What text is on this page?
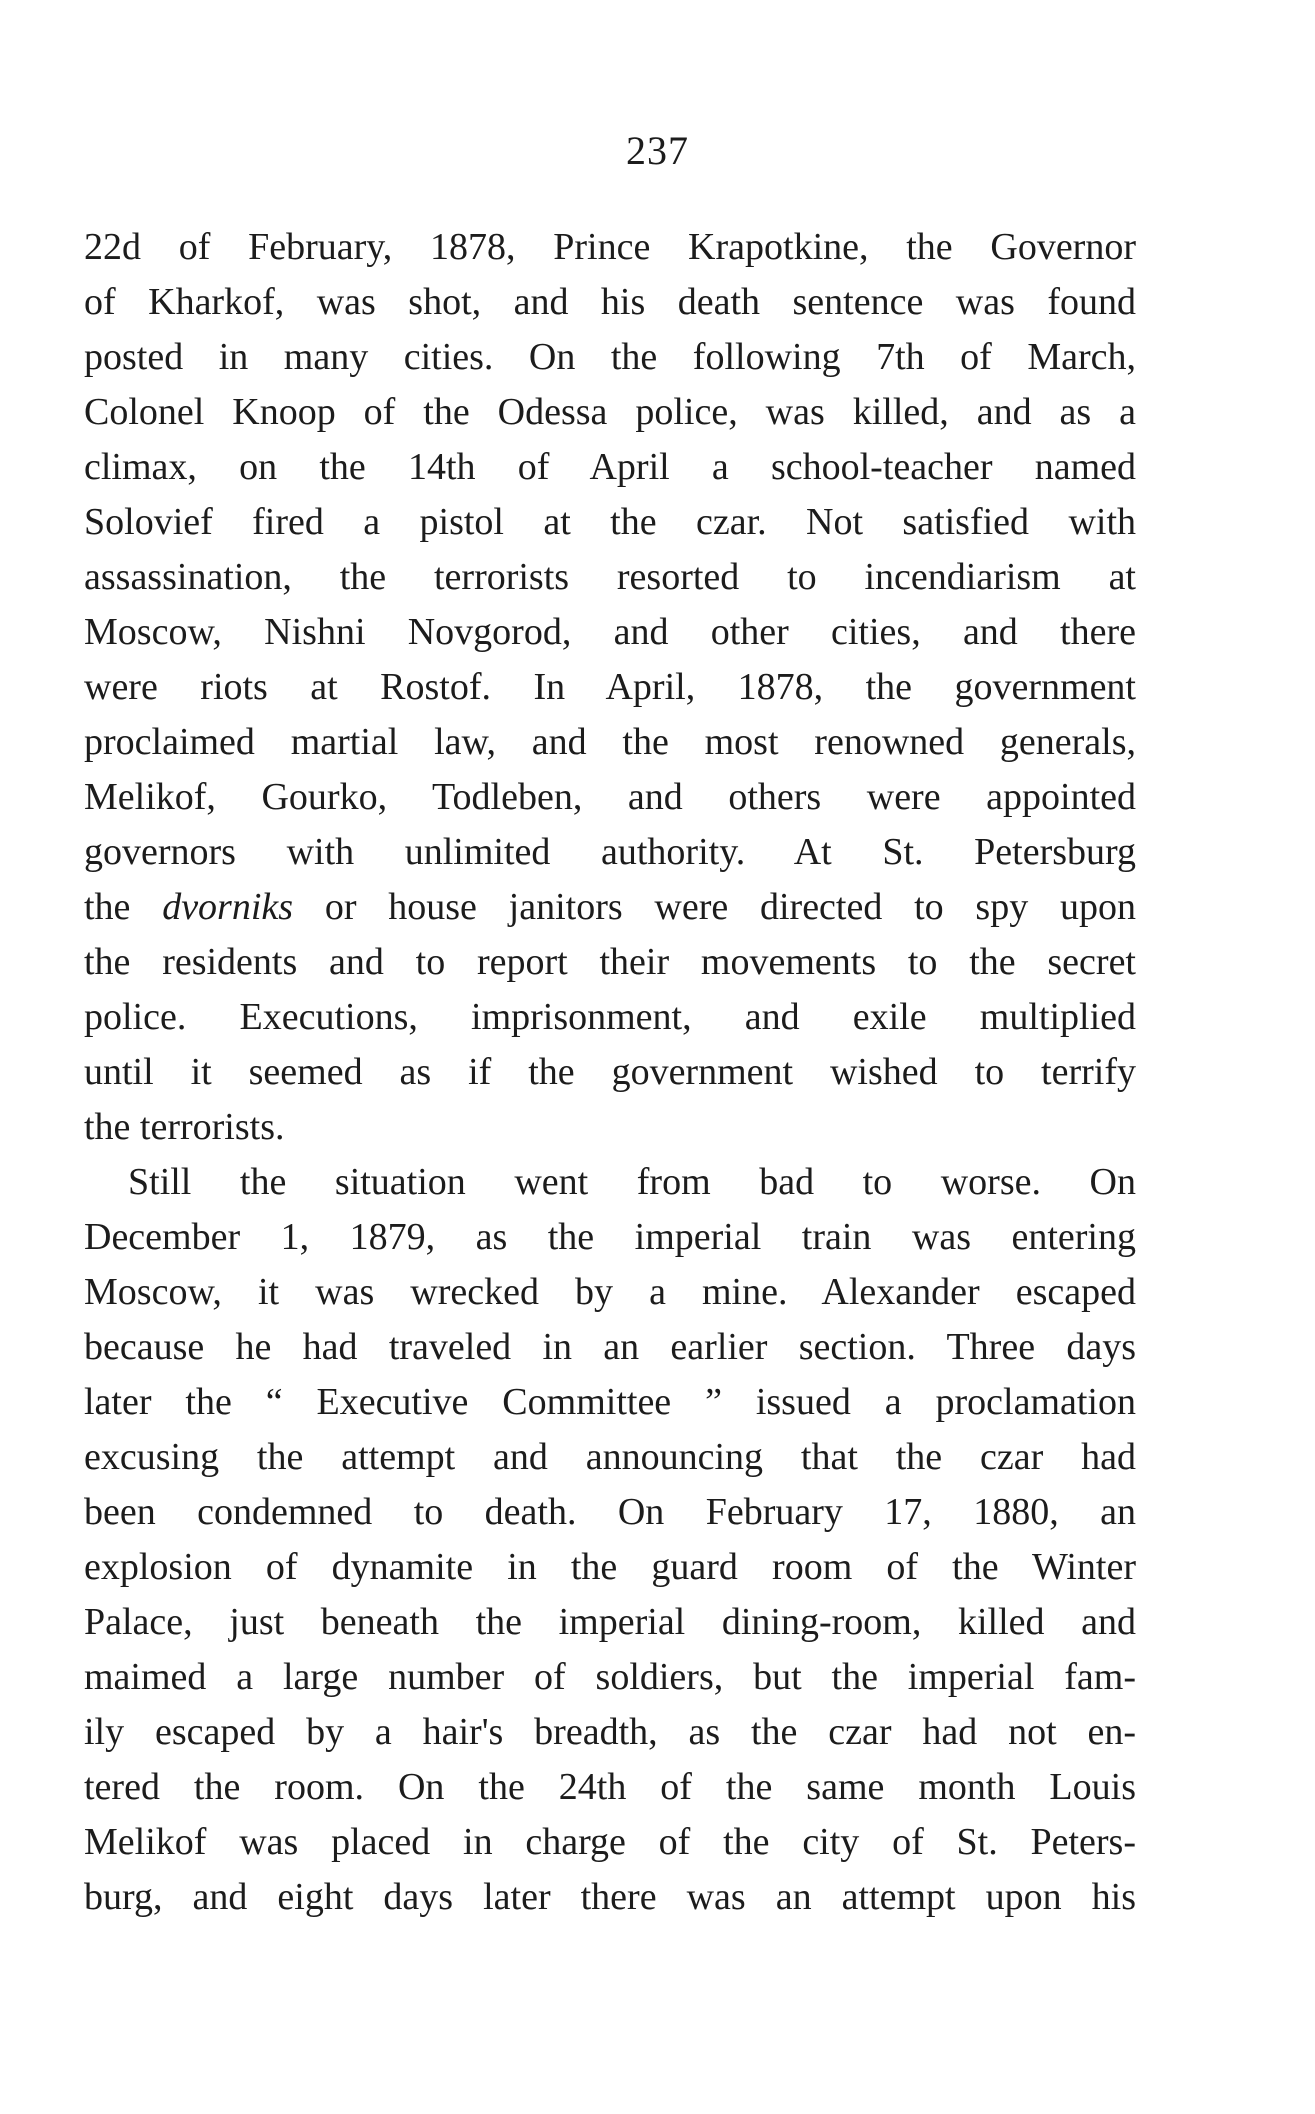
237
22d of February, 1878, Prince Krapotkine, the Governor
of Kharkof, was shot, and his death sentence was found
posted in many cities. On the following 7th of March,
Colonel Knoop of the Odessa police, was killed, and as a
climax, on the 14th of April a school-teacher named
Solovief fired a pistol at the czar. Not satisfied with
assassination, the terrorists resorted to incendiarism at
Moscow, Nishni Novgorod, and other cities, and there
were riots at Rostof. In April, 1878, the government
proclaimed martial law, and the most renowned generals,
Melikof, Gourko, Todleben, and others were appointed
governors with unlimited authority. At St. Petersburg
the dvorniks or house janitors were directed to spy upon
the residents and to report their movements to the secret
police. Executions, imprisonment, and exile multiplied
until it seemed as if the government wished to terrify
the terrorists.
Still the situation went from bad to worse. On
December 1, 1879, as the imperial train was entering
Moscow, it was wrecked by a mine. Alexander escaped
because he had traveled in an earlier section. Three days
later the “ Executive Committee ” issued a proclamation
excusing the attempt and announcing that the czar had
been condemned to death. On February 17, 1880, an
explosion of dynamite in the guard room of the Winter
Palace, just beneath the imperial dining-room, killed and
maimed a large number of soldiers, but the imperial fam-
ily escaped by a hair's breadth, as the czar had not en-
tered the room. On the 24th of the same month Louis
Melikof was placed in charge of the city of St. Peters-
burg, and eight days later there was an attempt upon his
